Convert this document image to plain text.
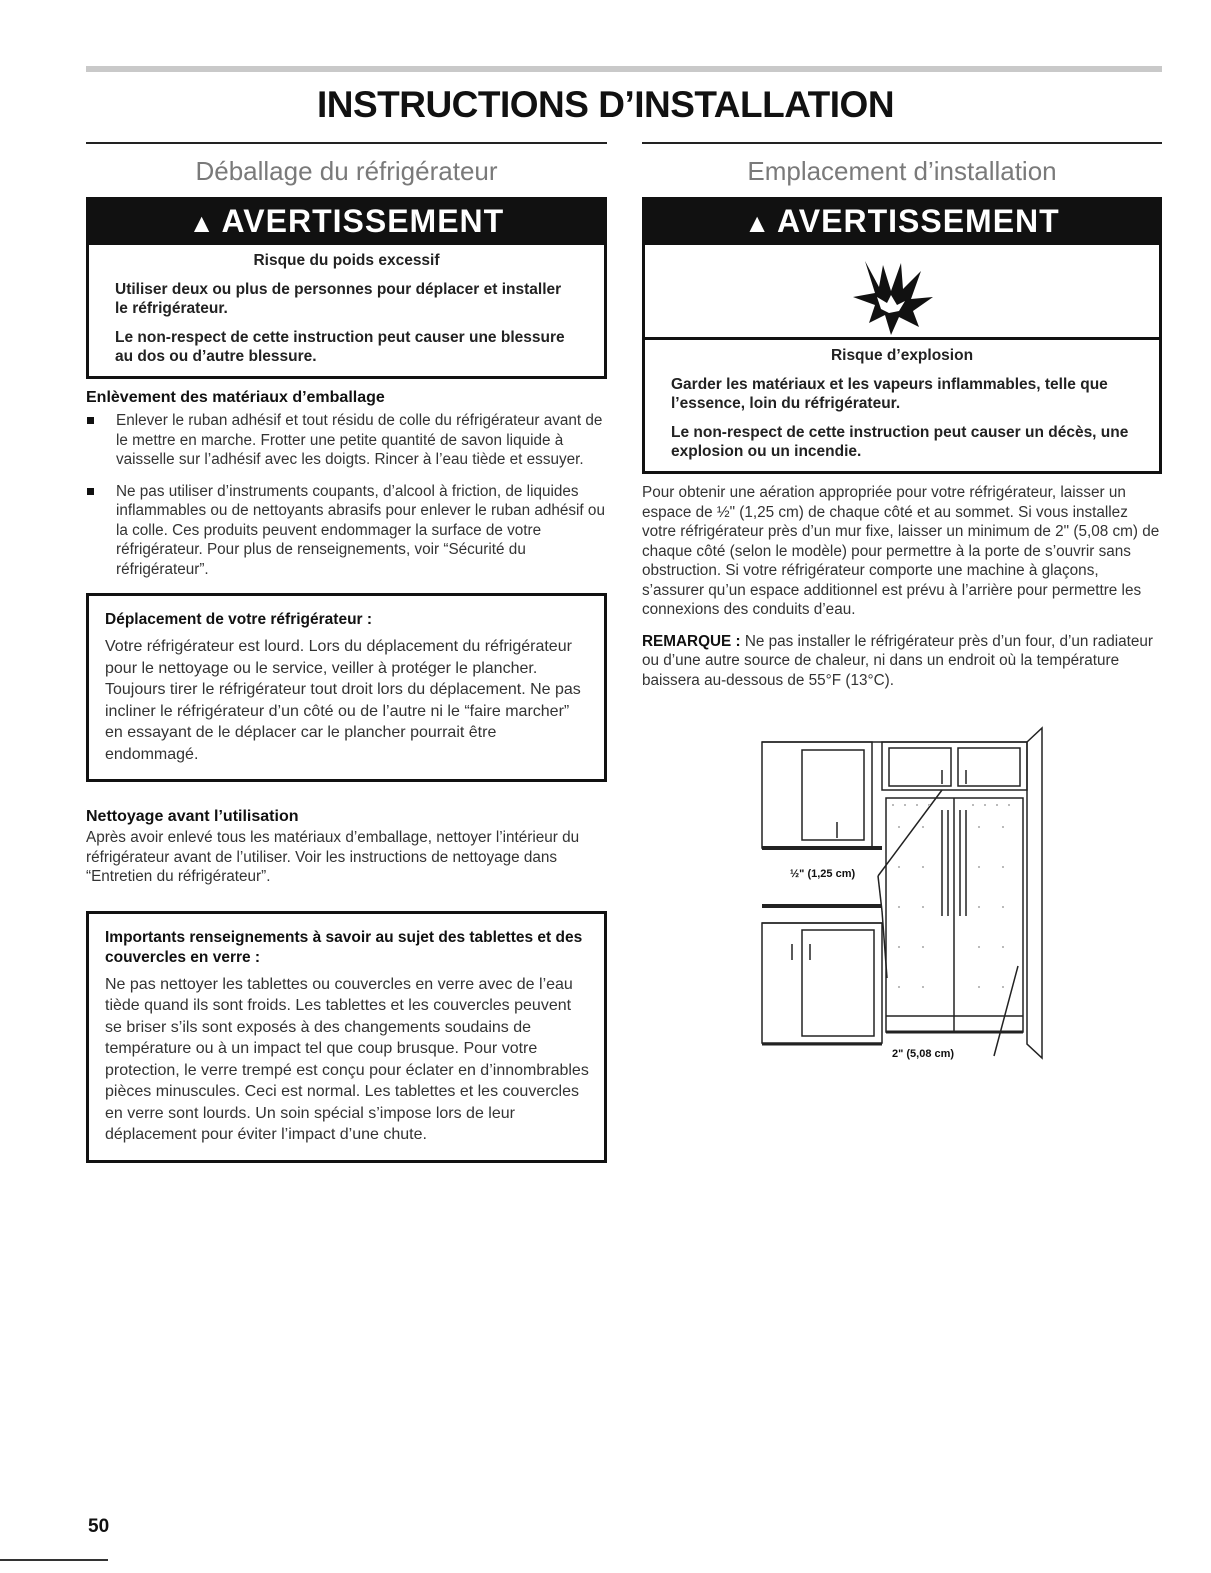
INSTRUCTIONS D’INSTALLATION
Déballage du réfrigérateur
▲ AVERTISSEMENT

Risque du poids excessif

Utiliser deux ou plus de personnes pour déplacer et installer le réfrigérateur.

Le non-respect de cette instruction peut causer une blessure au dos ou d’autre blessure.

Enlèvement des matériaux d’emballage
Enlever le ruban adhésif et tout résidu de colle du réfrigérateur avant de le mettre en marche. Frotter une petite quantité de savon liquide à vaisselle sur l’adhésif avec les doigts. Rincer à l’eau tiède et essuyer.
Ne pas utiliser d’instruments coupants, d’alcool à friction, de liquides inflammables ou de nettoyants abrasifs pour enlever le ruban adhésif ou la colle. Ces produits peuvent endommager la surface de votre réfrigérateur. Pour plus de renseignements, voir “Sécurité du réfrigérateur”.

Déplacement de votre réfrigérateur :

Votre réfrigérateur est lourd. Lors du déplacement du réfrigérateur pour le nettoyage ou le service, veiller à protéger le plancher. Toujours tirer le réfrigérateur tout droit lors du déplacement. Ne pas incliner le réfrigérateur d’un côté ou de l’autre ni le “faire marcher” en essayant de le déplacer car le plancher pourrait être endommagé.

Nettoyage avant l’utilisation

Après avoir enlevé tous les matériaux d’emballage, nettoyer l’intérieur du réfrigérateur avant de l’utiliser. Voir les instructions de nettoyage dans “Entretien du réfrigérateur”.

Importants renseignements à savoir au sujet des tablettes et des couvercles en verre :

Ne pas nettoyer les tablettes ou couvercles en verre avec de l’eau tiède quand ils sont froids. Les tablettes et les couvercles peuvent se briser s’ils sont exposés à des changements soudains de température ou à un impact tel que coup brusque. Pour votre protection, le verre trempé est conçu pour éclater en d’innombrables pièces minuscules. Ceci est normal. Les tablettes et les couvercles en verre sont lourds. Un soin spécial s’impose lors de leur déplacement pour éviter l’impact d’une chute.

Emplacement d’installation
▲ AVERTISSEMENT

Risque d’explosion

Garder les matériaux et les vapeurs inflammables, telle que l’essence, loin du réfrigérateur.

Le non-respect de cette instruction peut causer un décès, une explosion ou un incendie.

Pour obtenir une aération appropriée pour votre réfrigérateur, laisser un espace de ½" (1,25 cm) de chaque côté et au sommet. Si vous installez votre réfrigérateur près d’un mur fixe, laisser un minimum de 2" (5,08 cm) de chaque côté (selon le modèle) pour permettre à la porte de s’ouvrir sans obstruction. Si votre réfrigérateur comporte une machine à glaçons, s’assurer qu’un espace additionnel est prévu à l’arrière pour permettre les connexions des conduits d’eau.

REMARQUE : Ne pas installer le réfrigérateur près d’un four, d’un radiateur ou d’une autre source de chaleur, ni dans un endroit où la température baissera au-dessous de 55°F (13°C).

½" (1,25 cm)
2" (5,08 cm)

50
